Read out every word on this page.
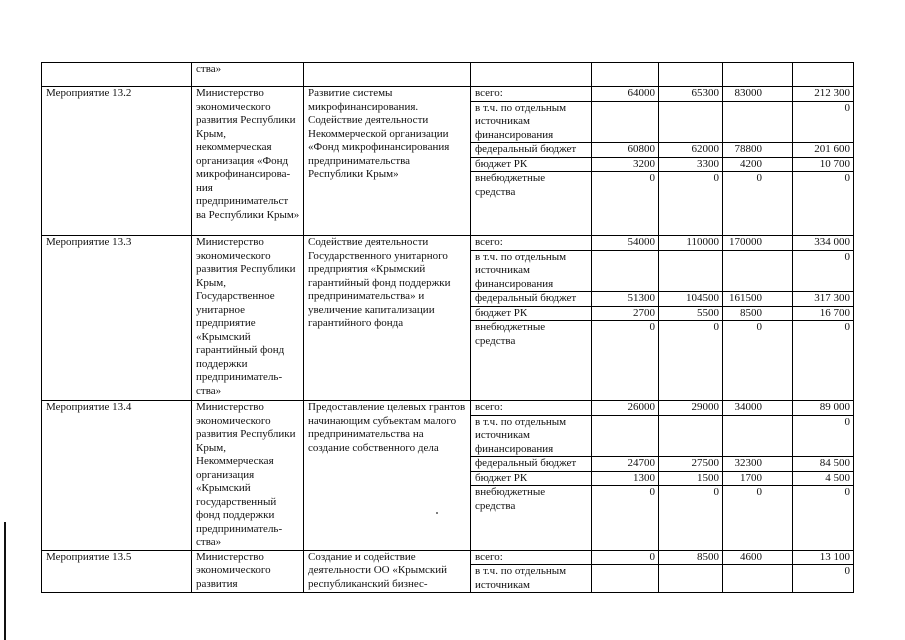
	ства»						
Мероприятие 13.2	Министерство экономического развития Республики Крым, некоммерческая организация «Фонд микрофинансирова-ния предпринимательст ва Республики Крым»	Развитие системы микрофинансирования. Содействие деятельности Некоммерческой организации «Фонд микрофинансирования предпринимательства Республики Крым»	всего:	64000	65300	83000	212 300
			в т.ч. по отдельным источникам финансирования				0
			федеральный бюджет	60800	62000	78800	201 600
			бюджет РК	3200	3300	4200	10 700
			внебюджетные средства	0	0	0	0
Мероприятие 13.3	Министерство экономического развития Республики Крым, Государственное унитарное предприятие «Крымский гарантийный фонд поддержки предприниматель-ства»	Содействие деятельности Государственного унитарного предприятия «Крымский гарантийный фонд поддержки предпринимательства» и увеличение капитализации гарантийного фонда	всего:	54000	110000	170000	334 000
			в т.ч. по отдельным источникам финансирования				0
			федеральный бюджет	51300	104500	161500	317 300
			бюджет РК	2700	5500	8500	16 700
			внебюджетные средства	0	0	0	0
Мероприятие 13.4	Министерство экономического развития Республики Крым, Некоммерческая организация «Крымский государственный фонд поддержки предприниматель-ства»	Предоставление целевых грантов начинающим субъектам малого предпринимательства на создание собственного дела	всего:	26000	29000	34000	89 000
			в т.ч. по отдельным источникам финансирования				0
			федеральный бюджет	24700	27500	32300	84 500
			бюджет РК	1300	1500	1700	4 500
			внебюджетные средства	0	0	0	0
Мероприятие 13.5	Министерство экономического развития	Создание и содействие деятельности ОО «Крымский республиканский бизнес-	всего:	0	8500	4600	13 100
			в т.ч. по отдельным источникам				0
